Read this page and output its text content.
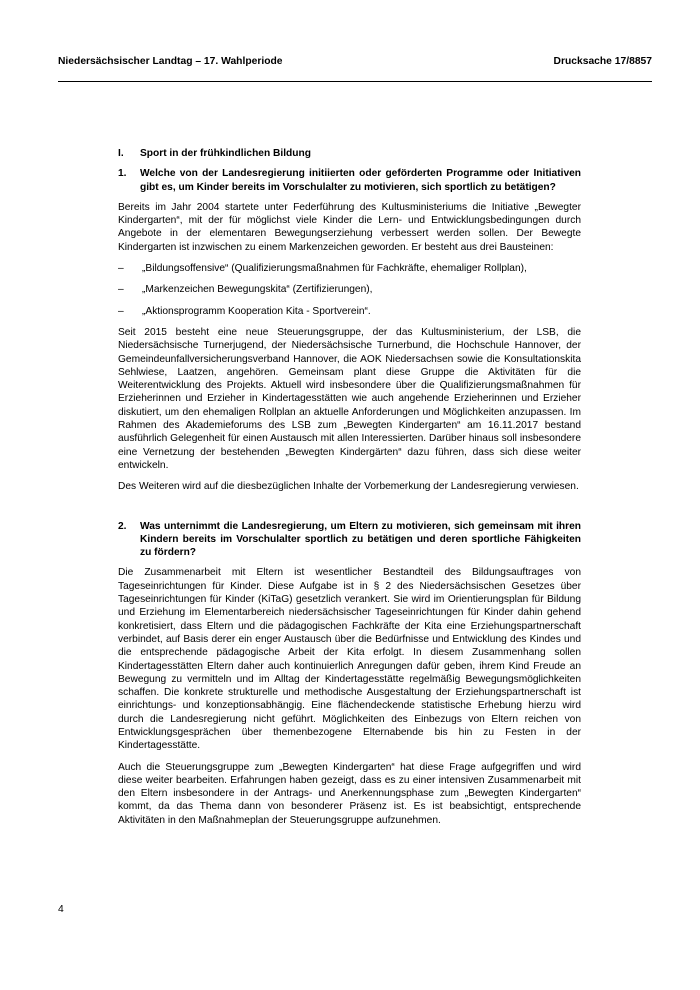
Niedersächsischer Landtag – 17. Wahlperiode	Drucksache 17/8857
I.	Sport in der frühkindlichen Bildung
1.	Welche von der Landesregierung initiierten oder geförderten Programme oder Initiativen gibt es, um Kinder bereits im Vorschulalter zu motivieren, sich sportlich zu betätigen?

Bereits im Jahr 2004 startete unter Federführung des Kultusministeriums die Initiative „Bewegter Kindergarten“, mit der für möglichst viele Kinder die Lern- und Entwicklungsbedingungen durch Angebote in der elementaren Bewegungserziehung verbessert werden sollen. Der Bewegte Kindergarten ist inzwischen zu einem Markenzeichen geworden. Er besteht aus drei Bausteinen:

–	„Bildungsoffensive“ (Qualifizierungsmaßnahmen für Fachkräfte, ehemaliger Rollplan),
–	„Markenzeichen Bewegungskita“ (Zertifizierungen),
–	„Aktionsprogramm Kooperation Kita - Sportverein“.

Seit 2015 besteht eine neue Steuerungsgruppe, der das Kultusministerium, der LSB, die Niedersächsische Turnerjugend, der Niedersächsische Turnerbund, die Hochschule Hannover, der Gemeindeunfallversicherungsverband Hannover, die AOK Niedersachsen sowie die Konsultationskita Sehlwiese, Laatzen, angehören. Gemeinsam plant diese Gruppe die Aktivitäten für die Weiterentwicklung des Projekts. Aktuell wird insbesondere über die Qualifizierungsmaßnahmen für Erzieherinnen und Erzieher in Kindertagesstätten wie auch angehende Erzieherinnen und Erzieher diskutiert, um den ehemaligen Rollplan an aktuelle Anforderungen und Möglichkeiten anzupassen. Im Rahmen des Akademieforums des LSB zum „Bewegten Kindergarten“ am 16.11.2017 bestand ausführlich Gelegenheit für einen Austausch mit allen Interessierten. Darüber hinaus soll insbesondere eine Vernetzung der bestehenden „Bewegten Kindergärten“ dazu führen, dass sich diese weiter entwickeln.

Des Weiteren wird auf die diesbezüglichen Inhalte der Vorbemerkung der Landesregierung verwiesen.

2.	Was unternimmt die Landesregierung, um Eltern zu motivieren, sich gemeinsam mit ihren Kindern bereits im Vorschulalter sportlich zu betätigen und deren sportliche Fähigkeiten zu fördern?

Die Zusammenarbeit mit Eltern ist wesentlicher Bestandteil des Bildungsauftrages von Tageseinrichtungen für Kinder. Diese Aufgabe ist in § 2 des Niedersächsischen Gesetzes über Tageseinrichtungen für Kinder (KiTaG) gesetzlich verankert. Sie wird im Orientierungsplan für Bildung und Erziehung im Elementarbereich niedersächsischer Tageseinrichtungen für Kinder dahin gehend konkretisiert, dass Eltern und die pädagogischen Fachkräfte der Kita eine Erziehungspartnerschaft verbindet, auf Basis derer ein enger Austausch über die Bedürfnisse und Entwicklung des Kindes und die entsprechende pädagogische Arbeit der Kita erfolgt. In diesem Zusammenhang sollen Kindertagesstätten Eltern daher auch kontinuierlich Anregungen dafür geben, ihrem Kind Freude an Bewegung zu vermitteln und im Alltag der Kindertagesstätte regelmäßig Bewegungsmöglichkeiten schaffen. Die konkrete strukturelle und methodische Ausgestaltung der Erziehungspartnerschaft ist einrichtungs- und konzeptionsabhängig. Eine flächendeckende statistische Erhebung hierzu wird durch die Landesregierung nicht geführt. Möglichkeiten des Einbezugs von Eltern reichen von Entwicklungsgesprächen über themenbezogene Elternabende bis hin zu Festen in der Kindertagesstätte.

Auch die Steuerungsgruppe zum „Bewegten Kindergarten“ hat diese Frage aufgegriffen und wird diese weiter bearbeiten. Erfahrungen haben gezeigt, dass es zu einer intensiven Zusammenarbeit mit den Eltern insbesondere in der Antrags- und Anerkennungsphase zum „Bewegten Kindergarten“ kommt, da das Thema dann von besonderer Präsenz ist. Es ist beabsichtigt, entsprechende Aktivitäten in den Maßnahmeplan der Steuerungsgruppe aufzunehmen.

4
